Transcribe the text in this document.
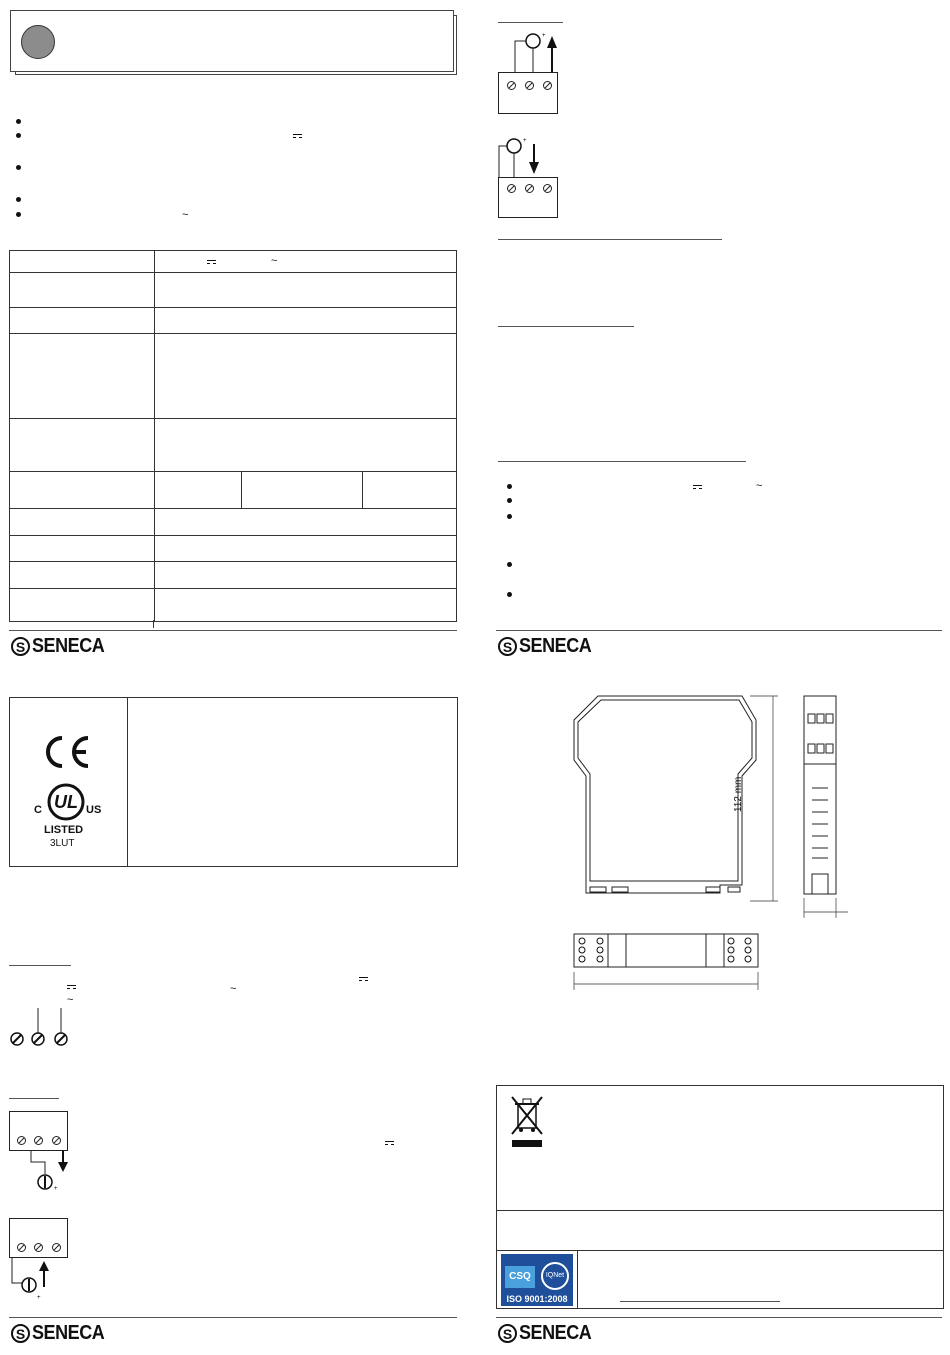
~

	~		

S SENECA
+
+
~
S SENECA
UL
C	US
LISTED
3LUT
~
~
+
+
S SENECA
112 mm
CSQ	IQNet
ISO 9001:2008
S SENECA
